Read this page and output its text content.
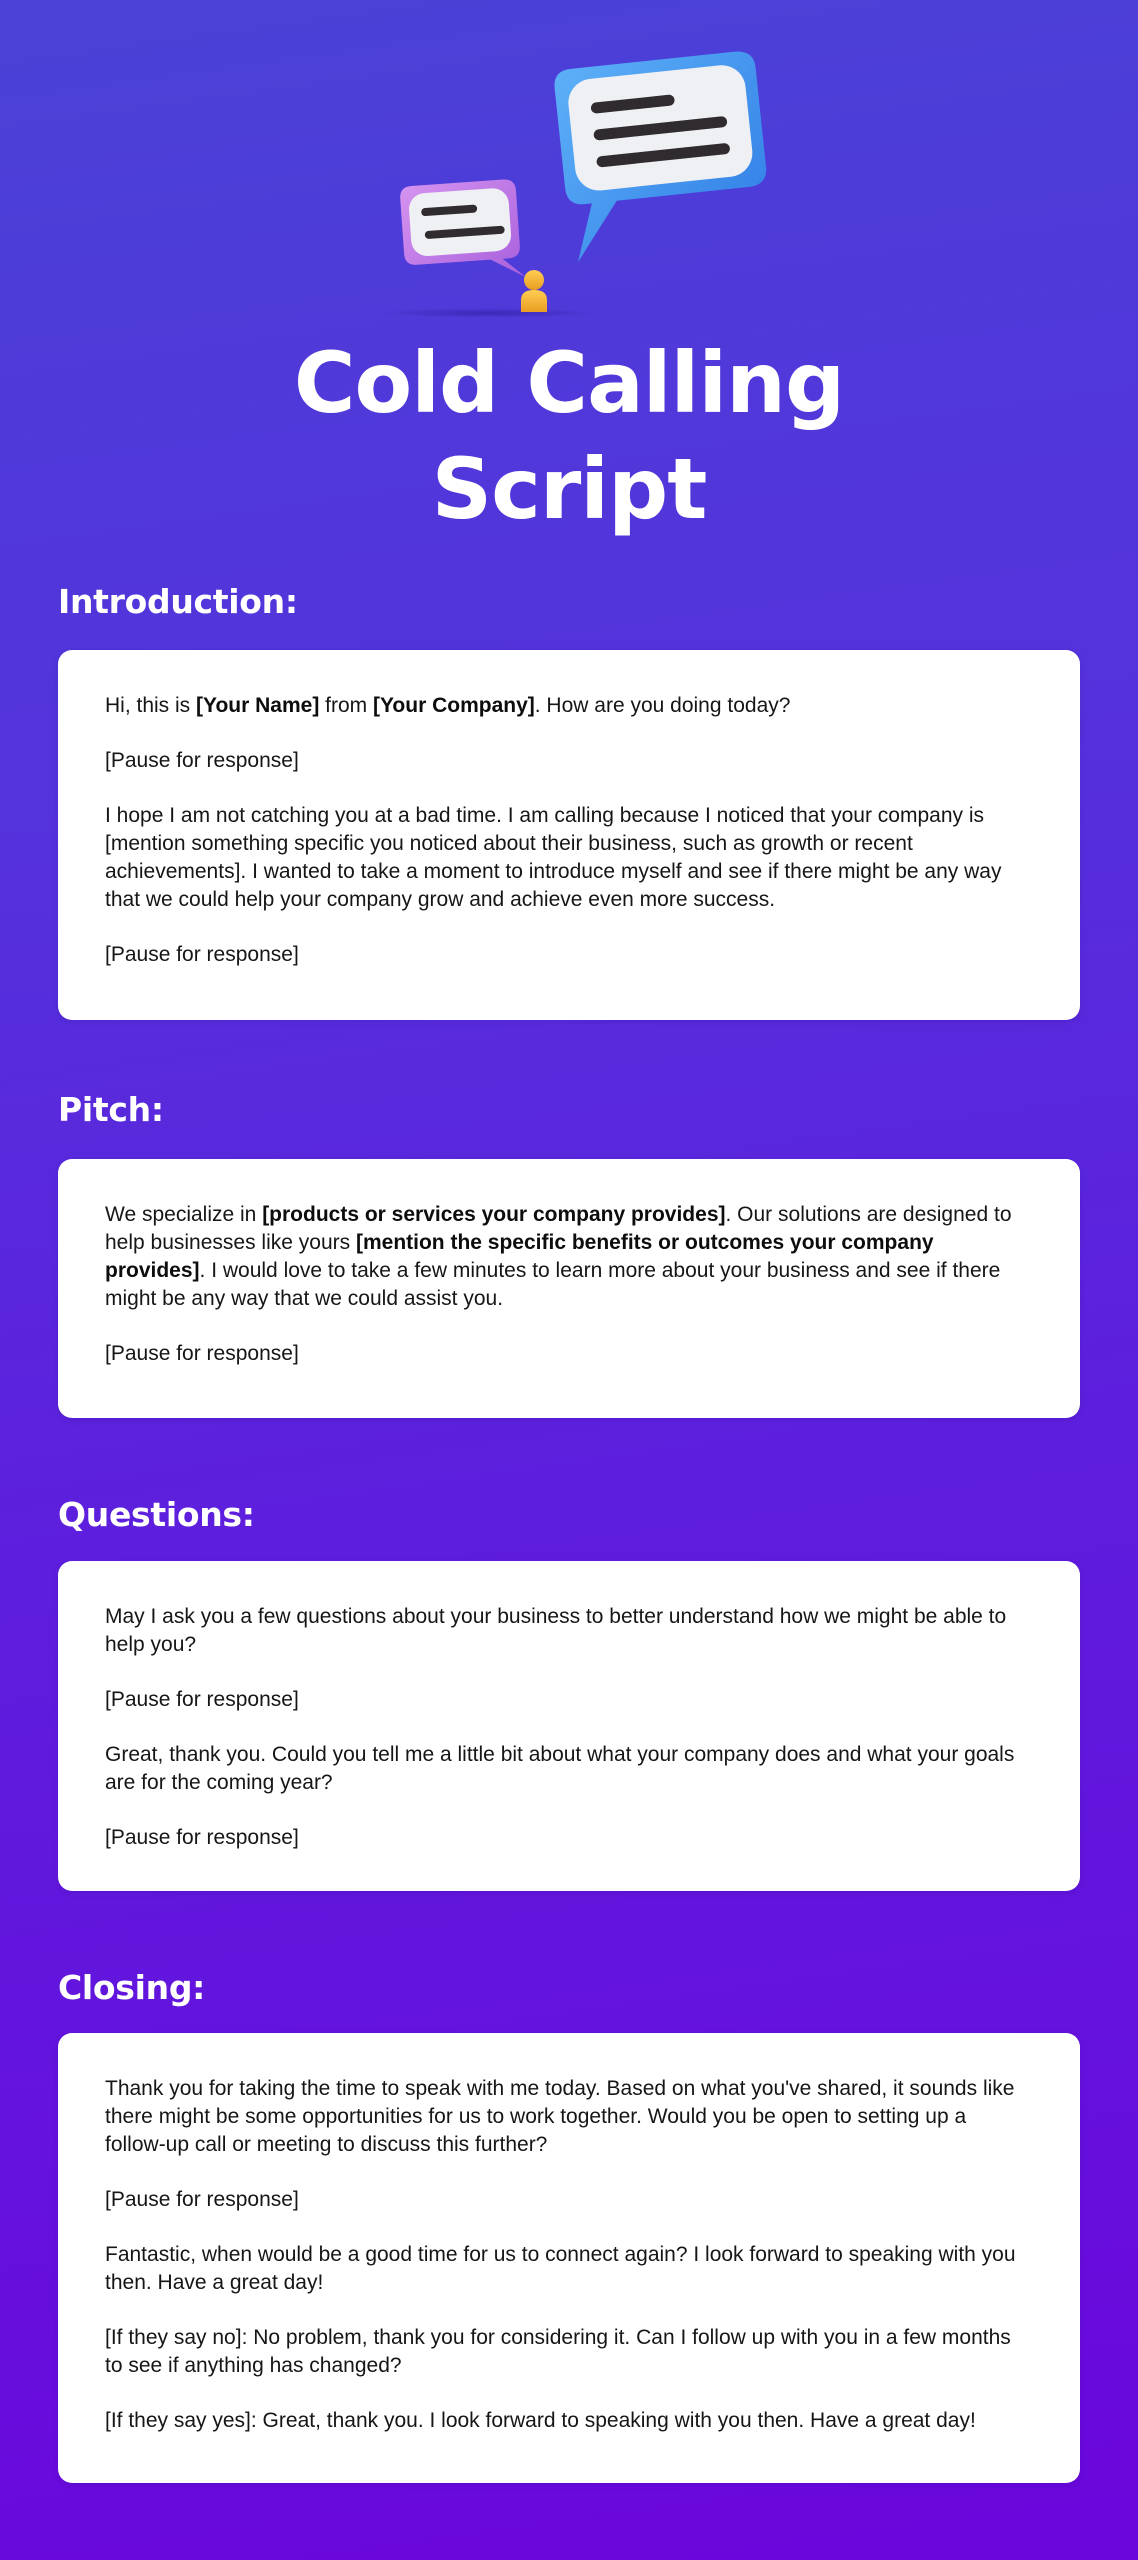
Cold Calling
Script
Introduction:

Hi, this is [Your Name] from [Your Company]. How are you doing today?

[Pause for response]

I hope I am not catching you at a bad time. I am calling because I noticed that your company is [mention something specific you noticed about their business, such as growth or recent achievements]. I wanted to take a moment to introduce myself and see if there might be any way that we could help your company grow and achieve even more success.

[Pause for response]

Pitch:

We specialize in [products or services your company provides]. Our solutions are designed to help businesses like yours [mention the specific benefits or outcomes your company provides]. I would love to take a few minutes to learn more about your business and see if there might be any way that we could assist you.

[Pause for response]

Questions:

May I ask you a few questions about your business to better understand how we might be able to help you?

[Pause for response]

Great, thank you. Could you tell me a little bit about what your company does and what your goals are for the coming year?

[Pause for response]

Closing:

Thank you for taking the time to speak with me today. Based on what you've shared, it sounds like there might be some opportunities for us to work together. Would you be open to setting up a follow-up call or meeting to discuss this further?

[Pause for response]

Fantastic, when would be a good time for us to connect again? I look forward to speaking with you then. Have a great day!

[If they say no]: No problem, thank you for considering it. Can I follow up with you in a few months to see if anything has changed?

[If they say yes]: Great, thank you. I look forward to speaking with you then. Have a great day!
